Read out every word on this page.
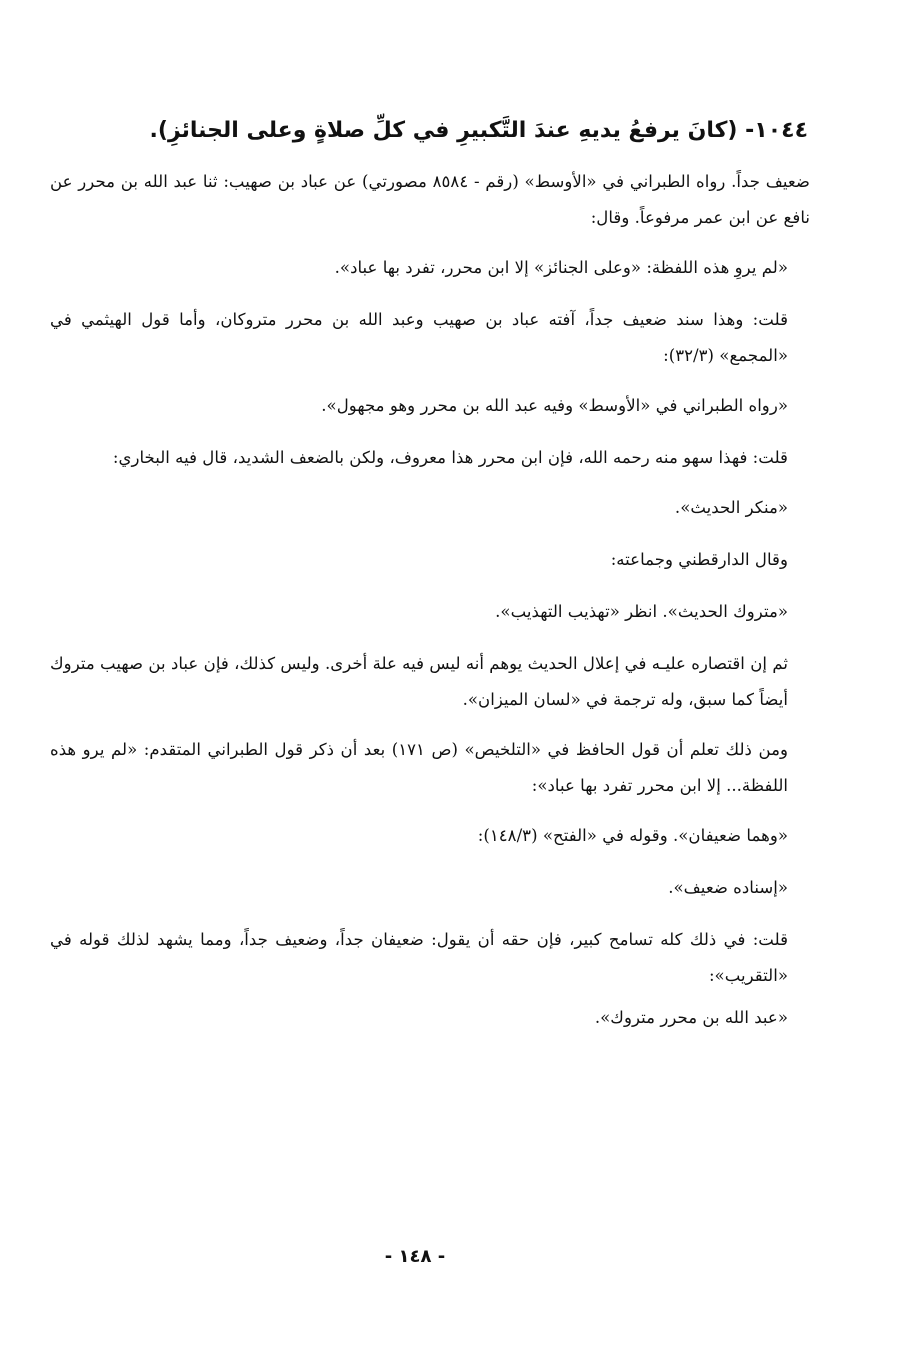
١٠٤٤- (كانَ يرفعُ يديهِ عندَ التَّكبيرِ في كلِّ صلاةٍ وعلى الجنائزِ).

ضعيف جداً. رواه الطبراني في «الأوسط» (رقم - ٨٥٨٤ مصورتي) عن عباد بن صهيب: ثنا عبد الله بن محرر عن نافع عن ابن عمر مرفوعاً. وقال:

«لم يروِ هذه اللفظة: «وعلى الجنائز» إلا ابن محرر، تفرد بها عباد».

قلت: وهذا سند ضعيف جداً، آفته عباد بن صهيب وعبد الله بن محرر متروكان، وأما قول الهيثمي في «المجمع» (٣٢/٣):

«رواه الطبراني في «الأوسط» وفيه عبد الله بن محرر وهو مجهول».

قلت: فهذا سهو منه رحمه الله، فإن ابن محرر هذا معروف، ولكن بالضعف الشديد، قال فيه البخاري:

«منكر الحديث».

وقال الدارقطني وجماعته:

«متروك الحديث». انظر «تهذيب التهذيب».

ثم إن اقتصاره عليـه في إعلال الحديث يوهم أنه ليس فيه علة أخرى. وليس كذلك، فإن عباد بن صهيب متروك أيضاً كما سبق، وله ترجمة في «لسان الميزان».

ومن ذلك تعلم أن قول الحافظ في «التلخيص» (ص ١٧١) بعد أن ذكر قول الطبراني المتقدم: «لم يرو هذه اللفظة... إلا ابن محرر تفرد بها عباد»:

«وهما ضعيفان». وقوله في «الفتح» (١٤٨/٣):

«إسناده ضعيف».

قلت: في ذلك كله تسامح كبير، فإن حقه أن يقول: ضعيفان جداً، وضعيف جداً، ومما يشهد لذلك قوله في «التقريب»:

«عبد الله بن محرر متروك».

- ١٤٨ -
